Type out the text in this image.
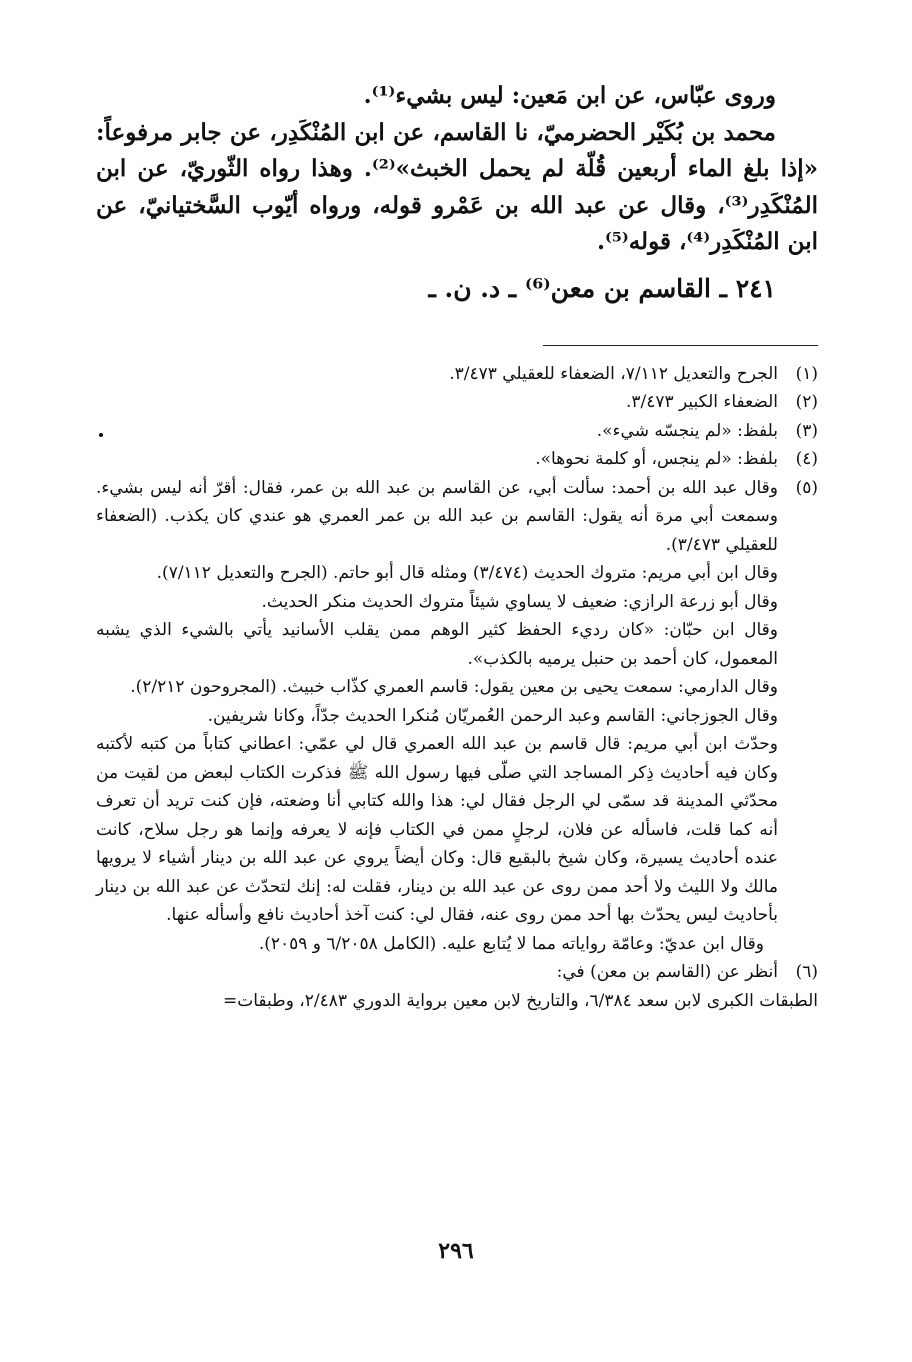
وروى عبّاس، عن ابن مَعين: ليس بشيء⁽¹⁾.

محمد بن بُكَيْر الحضرميّ، نا القاسم، عن ابن المُنْكَدِر، عن جابر مرفوعاً: «إذا بلغ الماء أربعين قُلّة لم يحمل الخبث»⁽²⁾. وهذا رواه الثّوريّ، عن ابن المُنْكَدِر⁽³⁾، وقال عن عبد الله بن عَمْرو قوله، ورواه أيّوب السَّختيانيّ، عن ابن المُنْكَدِر⁽⁴⁾، قوله⁽⁵⁾.

٢٤١ ـ القاسم بن معن⁽⁶⁾ ـ د. ن. ـ
(١)
الجرح والتعديل ٧/١١٢، الضعفاء للعقيلي ٣/٤٧٣.
(٢)
الضعفاء الكبير ٣/٤٧٣.
(٣)
بلفظ: «لم ينجسّه شيء».
(٤)
بلفظ: «لم ينجس، أو كلمة نحوها».
(٥)
وقال عبد الله بن أحمد: سألت أبي، عن القاسم بن عبد الله بن عمر، فقال: أقرّ أنه ليس بشيء. وسمعت أبي مرة أنه يقول: القاسم بن عبد الله بن عمر العمري هو عندي كان يكذب. (الضعفاء للعقيلي ٣/٤٧٣).
وقال ابن أبي مريم: متروك الحديث (٣/٤٧٤) ومثله قال أبو حاتم. (الجرح والتعديل ٧/١١٢).
وقال أبو زرعة الرازي: ضعيف لا يساوي شيئاً متروك الحديث منكر الحديث.
وقال ابن حبّان: «كان رديء الحفظ كثير الوهم ممن يقلب الأسانيد يأتي بالشيء الذي يشبه المعمول، كان أحمد بن حنبل يرميه بالكذب».
وقال الدارمي: سمعت يحيى بن معين يقول: قاسم العمري كذّاب خبيث. (المجروحون ٢/٢١٢).
وقال الجوزجاني: القاسم وعبد الرحمن العُمريّان مُنكرا الحديث جدّاً، وكانا شريفين.
وحدّث ابن أبي مريم: قال قاسم بن عبد الله العمري قال لي عمّي: اعطاني كتاباً من كتبه لأكتبه وكان فيه أحاديث ذِكر المساجد التي صلّى فيها رسول الله ﷺ فذكرت الكتاب لبعض من لقيت من محدّثي المدينة قد سمّى لي الرجل فقال لي: هذا والله كتابي أنا وضعته، فإن كنت تريد أن تعرف أنه كما قلت، فاسأله عن فلان، لرجلٍ ممن في الكتاب فإنه لا يعرفه وإنما هو رجل سلاح، كانت عنده أحاديث يسيرة، وكان شيخ بالبقيع قال: وكان أيضاً يروي عن عبد الله بن دينار أشياء لا يرويها مالك ولا الليث ولا أحد ممن روى عن عبد الله بن دينار، فقلت له: إنك لتحدّث عن عبد الله بن دينار بأحاديث ليس يحدّث بها أحد ممن روى عنه، فقال لي: كنت آخذ أحاديث نافع وأسأله عنها.
وقال ابن عديّ: وعامّة رواياته مما لا يُتابع عليه. (الكامل ٦/٢٠٥٨ و ٢٠٥٩).
(٦)
أنظر عن (القاسم بن معن) في:
الطبقات الكبرى لابن سعد ٦/٣٨٤، والتاريخ لابن معين برواية الدوري ٢/٤٨٣، وطبقات=
٢٩٦
